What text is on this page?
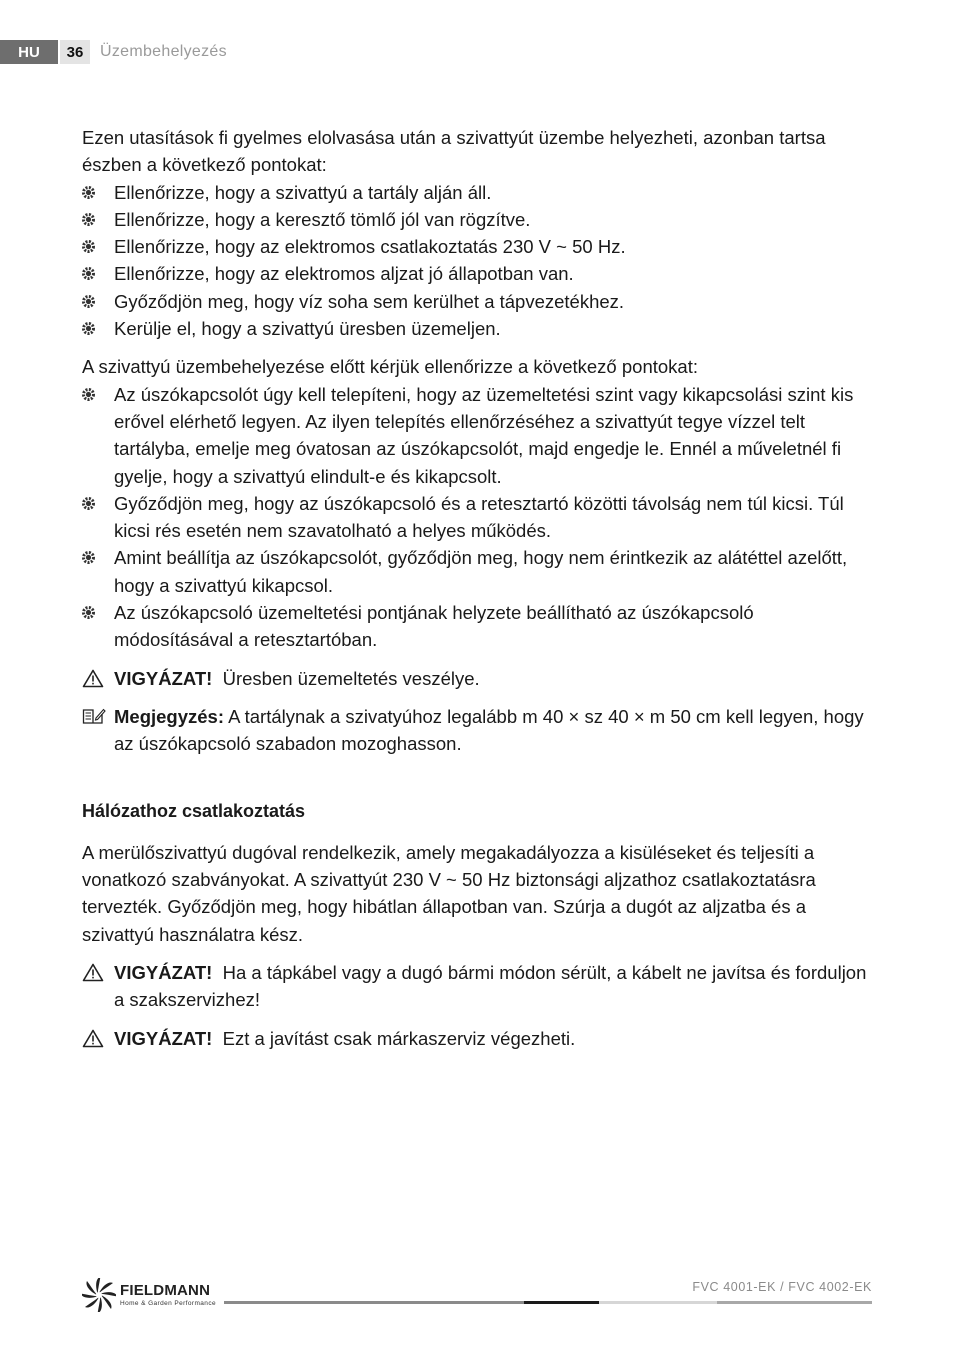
HU	36	Üzembehelyezés

Ezen utasítások fi gyelmes elolvasása után a szivattyút üzembe helyezheti, azonban tartsa észben a következő pontokat:

Ellenőrizze, hogy a szivattyú a tartály alján áll.
Ellenőrizze, hogy a keresztő tömlő jól van rögzítve.
Ellenőrizze, hogy az elektromos csatlakoztatás 230 V ~ 50 Hz.
Ellenőrizze, hogy az elektromos aljzat jó állapotban van.
Győződjön meg, hogy víz soha sem kerülhet a tápvezetékhez.
Kerülje el, hogy a szivattyú üresben üzemeljen.

A szivattyú üzembehelyezése előtt kérjük ellenőrizze a következő pontokat:

Az úszókapcsolót úgy kell telepíteni, hogy az üzemeltetési szint vagy kikapcsolási szint kis erővel elérhető legyen. Az ilyen telepítés ellenőrzéséhez a szivattyút tegye vízzel telt tartályba, emelje meg óvatosan az úszókapcsolót, majd engedje le. Ennél a műveletnél fi gyelje, hogy a szivattyú elindult-e és kikapcsolt.
Győződjön meg, hogy az úszókapcsoló és a retesztartó közötti távolság nem túl kicsi. Túl kicsi rés esetén nem szavatolható a helyes működés.
Amint beállítja az úszókapcsolót, győződjön meg, hogy nem érintkezik az alátéttel azelőtt, hogy a szivattyú kikapcsol.
Az úszókapcsoló üzemeltetési pontjának helyzete beállítható az úszókapcsoló módosításával a retesztartóban.
VIGYÁZAT! Üresben üzemeltetés veszélye.
Megjegyzés: A tartálynak a szivatyúhoz legalább m 40 × sz 40 × m 50 cm kell legyen, hogy az úszókapcsoló szabadon mozoghasson.
Hálózathoz csatlakoztatás

A merülőszivattyú dugóval rendelkezik, amely megakadályozza a kisüléseket és teljesíti a vonatkozó szabványokat. A szivattyút 230 V ~ 50 Hz biztonsági aljzathoz csatlakoztatásra tervezték. Győződjön meg, hogy hibátlan állapotban van. Szúrja a dugót az aljzatba és a szivattyú használatra kész.

VIGYÁZAT! Ha a tápkábel vagy a dugó bármi módon sérült, a kábelt ne javítsa és forduljon a szakszervizhez!
VIGYÁZAT! Ezt a javítást csak márkaszerviz végezheti.
FIELDMANN
Home & Garden Performance
FVC 4001-EK / FVC 4002-EK
